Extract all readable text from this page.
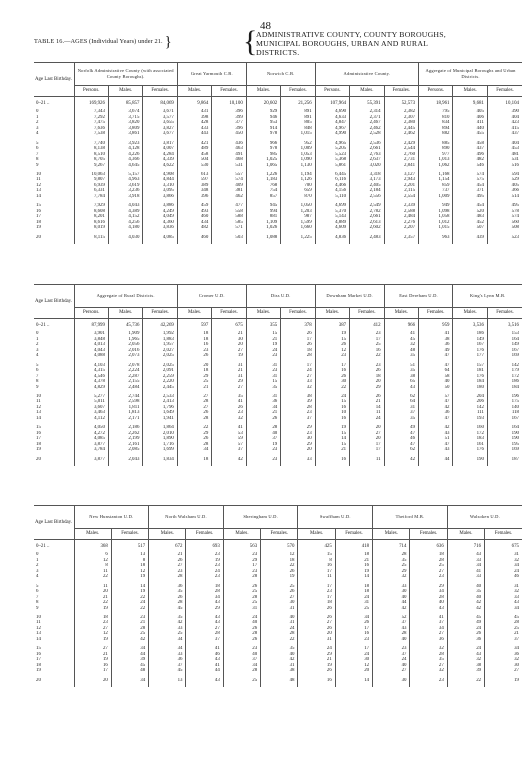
48
TABLE 16.—AGES (Individual Years) under 21. } {
ADMINISTRATIVE COUNTY, COUNTY BOROUGHS,
MUNICIPAL BOROUGHS, URBAN AND RURAL
DISTRICTS.
Age Last Birthday.	Norfolk Administrative County (with associated County Boroughs).			Great Yarmouth C.B.		Norwich C.B.		Administrative County.			Aggregate of Municipal Boroughs and Urban Districts.		
	Persons.	Males.	Females.	Males.	Females.	Males.	Females.	Persons.	Males.	Females.	Persons.	Males.	Females.
0–21 ..	169,926	85,857	84,069	9,864	10,100	20,602	21,256	107,964	55,391	52,573	18,961	9,681	10,104
0	7,343	3,674	3,671	431	396	929	891	4,690	2,314	2,382	795	405	390
1	7,292	3,715	3,577	398	399	946	891	4,633	2,371	2,307	810	406	404
2	7,475	3,820	3,655	428	377	953	805	4,847	2,467	2,380	834	411	423
3	7,636	3,809	3,827	433	396	914	848	4,967	2,462	2,445	894	440	415
4	7,538	3,861	3,677	443	450	978	1,015	4,990	2,528	2,462	882	455	437

5	7,740	3,923	3,817	421	436	966	952	4,965	2,536	2,429	885	458	404
6	8,138	4,128	4,007	489	463	978	1,009	5,205	2,661	2,544	890	437	453
7	8,510	4,226	4,284	458	491	985	1,053	5,523	2,763	2,760	977	496	481
8	8,705	4,366	4,339	504	468	1,025	1,090	5,368	2,637	2,731	1,013	482	531
9	9,267	4,645	4,622	530	531	1,065	1,130	5,861	3,020	2,841	1,062	546	516

10	10,063	5,157	4,908	613	557	1,226	1,194	6,445	3,318	3,127	1,168	574	594
11	9,807	4,963	4,844	597	574	1,183	1,126	6,116	3,173	2,943	1,154	575	529
12	6,939	3,619	3,310	389	409	768	700	4,466	2,405	2,201	859	454	405
13	6,331	3,236	3,095	348	381	754	659	4,156	2,184	2,115	737	371	366
14	7,784	3,918	3,866	396	462	857	870	5,110	2,556	2,554	1,009	495	514

15	7,929	4,043	3,886	459	477	945	1,050	4,699	2,549	2,339	949	454	495
16	8,608	4,389	4,249	493	558	994	1,203	5,370	2,782	2,588	1,098	520	578
17	8,201	4,152	4,049	460	588	881	987	5,143	2,661	2,484	1,058	483	574
18	8,616	4,256	4,360	434	585	1,109	1,599	4,889	2,613	2,276	1,012	452	560
19	8,019	4,180	3,836	482	571	1,026	1,660	4,609	2,602	2,207	1,015	507	508

20	8,115	4,030	4,085	460	503	1,088	1,225	4,836	2,483	2,357	963	439	523
Age Last Birthday.	Aggregate of Rural Districts.			Cromer U.D.		Diss U.D.		Downham Market U.D.		East Dereham U.D.		King's Lynn M.B.	
	Persons.	Males.	Females.	Males.	Females.	Males.	Females.	Males.	Females.	Males.	Females.	Males.	Females.
0–21 ..	87,999	45,736	42,269	597	675	355	378	387	412	966	959	3,536	3,516
0	3,901	1,909	1,992	18	21	15	26	19	23	41	41	186	153
1	3,848	1,965	1,883	18	30	21	17	15	17	45	38	149	164
2	4,013	2,056	1,957	16	20	19	26	26	25	32	36	167	149
3	4,043	2,016	2,027	23	27	24	18	12	16	48	49	176	167
4	4,088	2,073	2,025	26	19	23	28	23	22	35	47	177	169

5	4,103	2,078	2,025	20	31	31	17	17	23	51	47	157	142
6	4,315	2,224	2,091	18	21	23	24	16	26	35	64	181	179
7	4,546	2,287	2,259	29	31	31	27	26	18	38	58	176	172
8	4,378	2,155	2,220	25	29	15	33	30	20	65	40	184	186
9	4,829	2,484	2,445	21	27	35	32	22	29	43	50	180	184

10	5,277	2,744	2,533	27	35	31	38	24	26	62	57	204	196
11	5,011	2,598	2,413	28	41	36	39	15	21	64	47	206	175
12	3,607	1,811	1,796	27	26	34	28	16	14	31	42	142	140
13	3,463	1,813	1,649	26	23	21	23	10	11	37	36	111	118
14	4,112	2,171	1,941	28	32	26	37	16	24	35	47	193	167

15	4,050	2,186	1,864	22	41	28	29	19	20	49	42	160	164
16	4,272	2,262	2,010	29	53	40	23	15	27	47	43	172	190
17	4,085	2,199	1,890	26	59	37	30	14	20	46	51	183	190
18	3,877	2,161	1,716	28	57	19	29	15	17	47	47	161	195
19	3,784	2,085	1,699	34	37	23	20	21	17	62	43	176	169

20	3,877	2,043	1,834	18	42	23	33	16	11	42	44	190	187
Age Last Birthday.	New Hunstanton U.D.		North Walsham U.D.		Sheringham U.D.		Swaffham U.D.		Thetford M.B.		Walsoken U.D.	
	Males.	Females.	Males.	Females.	Males.	Females.	Males.	Females.	Males.	Females.	Males.	Females.
0–21 ..	368	517	672	693	563	570	425	418	714	636	716	675
0	6	13	21	23	23	12	15	18	28	18	43	31
1	12	8	26	19	29	18	8	21	35	28	33	32
2	8	18	27	23	17	22	16	16	25	25	34	34
3	11	12	23	24	23	26	17	19	29	27	41	24
4	22	19	28	23	28	19	11	14	32	23	33	46

5	11	14	36	18	26	25	17	18	33	29	40	31
6	20	19	35	28	25	26	23	18	30	34	35	32
7	21	22	26	34	28	27	17	24	40	28	40	33
8	22	24	28	43	25	30	18	31	44	40	42	43
9	19	22	45	29	31	31	26	25	42	43	42	34

10	18	23	35	43	24	40	26	34	52	41	45	45
11	23	21	42	43	40	31	27	26	37	37	49	28
12	27	28	33	27	26	24	26	17	43	34	24	25
13	12	25	25	28	28	28	20	16	28	27	26	21
14	19	42	34	37	26	22	31	23	40	36	36	37

15	27	34	34	41	23	35	24	17	23	32	24	34
16	21	44	33	46	40	40	29	24	37	28	43	36
17	19	39	36	43	37	42	21	30	24	35	32	32
18	16	45	37	41	34	31	19	12	40	27	38	30
19	17	48	45	44	28	38	26	20	27	32	39	27

20	20	34	13	43	25	48	16	14	30	23	22	19
